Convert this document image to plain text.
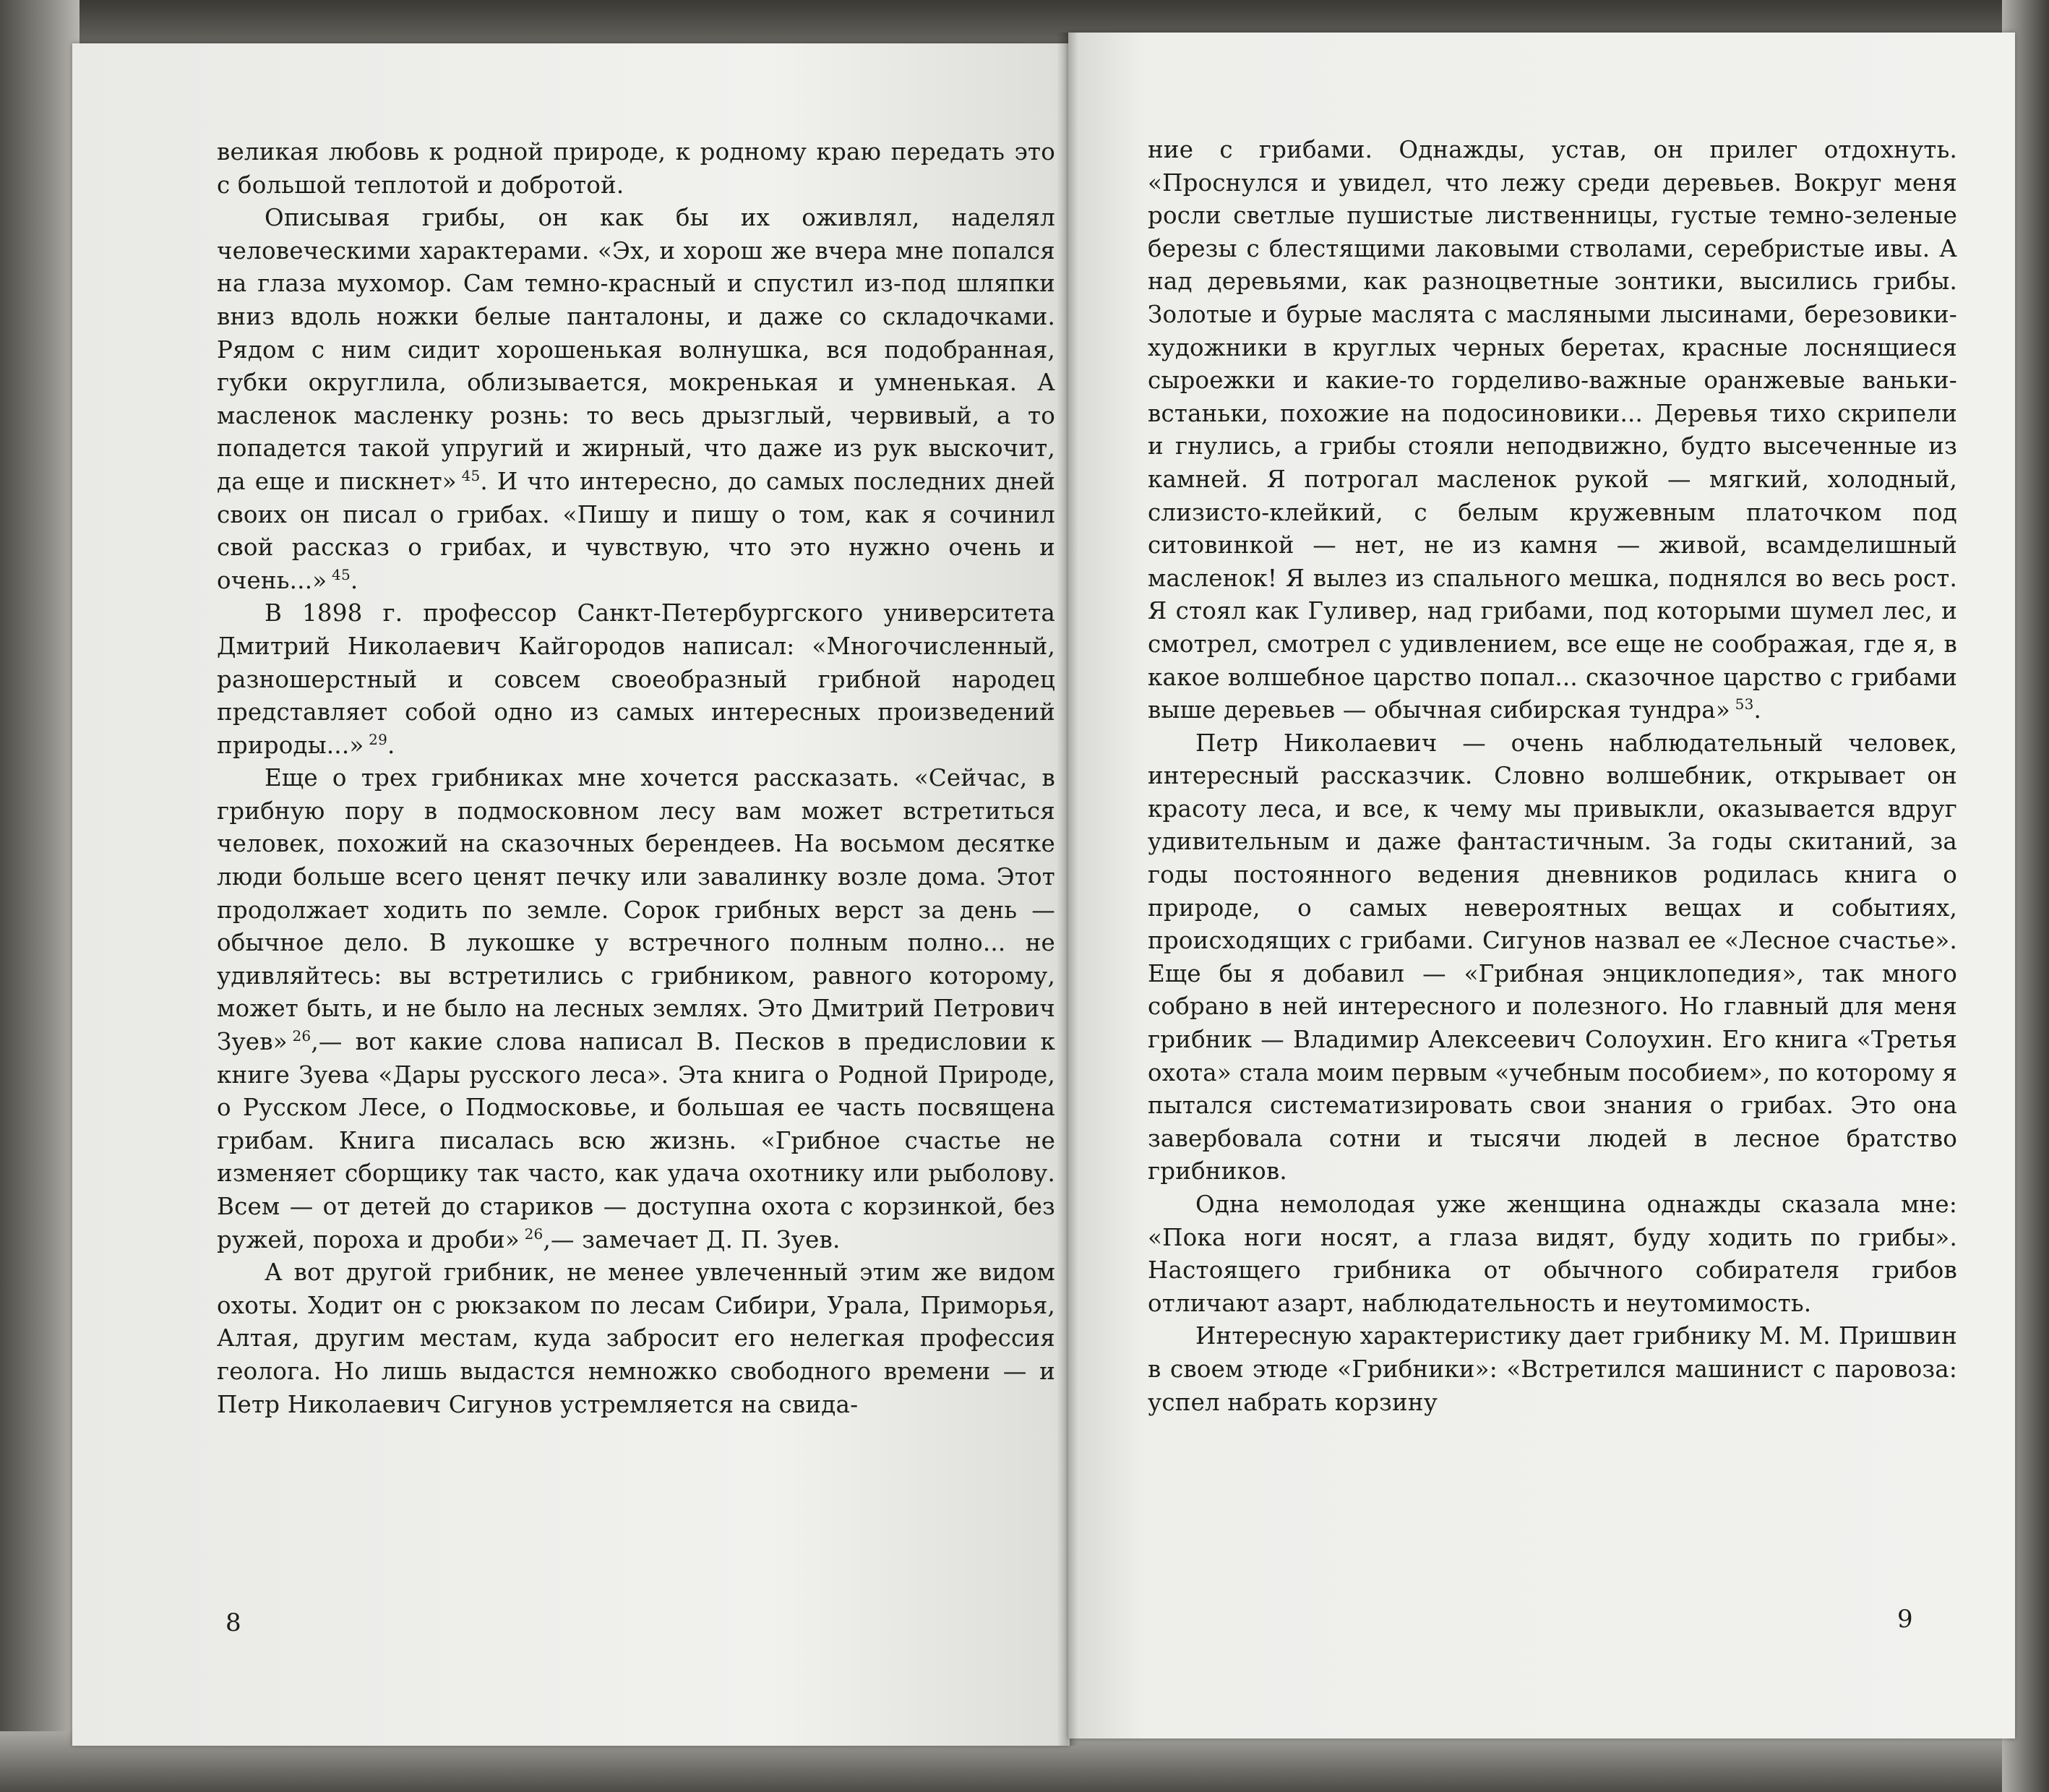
великая любовь к родной природе, к родному краю передать это с большой теплотой и добротой.

Описывая грибы, он как бы их оживлял, наделял человеческими характерами. «Эх, и хорош же вчера мне попался на глаза мухомор. Сам темно-красный и спустил из-под шляпки вниз вдоль ножки белые панталоны, и даже со складочками. Рядом с ним сидит хорошенькая волнушка, вся подобранная, губки округлила, облизывается, мокренькая и умненькая. А масленок масленку рознь: то весь дрызглый, червивый, а то попадется такой упругий и жирный, что даже из рук выскочит, да еще и пискнет»  $^{45}$. И что интересно, до самых последних дней своих он писал о грибах. «Пишу и пишу о том, как я сочинил свой рассказ о грибах, и чувствую, что это нужно очень и очень...»  $^{45}$.

В 1898 г. профессор Санкт-Петербургского университета Дмитрий Николаевич Кайгородов написал: «Многочисленный, разношерстный и совсем своеобразный грибной народец представляет собой одно из самых интересных произведений природы...»  $^{29}$.

Еще о трех грибниках мне хочется рассказать. «Сейчас, в грибную пору в подмосковном лесу вам может встретиться человек, похожий на сказочных берендеев. На восьмом десятке люди больше всего ценят печку или завалинку возле дома. Этот продолжает ходить по земле. Сорок грибных верст за день — обычное дело. В лукошке у встречного полным полно... не удивляйтесь: вы встретились с грибником, равного которому, может быть, и не было на лесных землях. Это Дмитрий Петрович Зуев»  $^{26}$,— вот какие слова написал В. Песков в предисловии к книге Зуева «Дары русского леса». Эта книга о Родной Природе, о Русском Лесе, о Подмосковье, и большая ее часть посвящена грибам. Книга писалась всю жизнь. «Грибное счастье не изменяет сборщику так часто, как удача охотнику или рыболову. Всем — от детей до стариков — доступна охота с корзинкой, без ружей, пороха и дроби»  $^{26}$,— замечает Д. П. Зуев.

А вот другой грибник, не менее увлеченный этим же видом охоты. Ходит он с рюкзаком по лесам Сибири, Урала, Приморья, Алтая, другим местам, куда забросит его нелегкая профессия геолога. Но лишь выдастся немножко свободного времени — и Петр Николаевич Сигунов устремляется на свида-

8

ние с грибами. Однажды, устав, он прилег отдохнуть. «Проснулся и увидел, что лежу среди деревьев. Вокруг меня росли светлые пушистые лиственницы, густые темно-зеленые березы с блестящими лаковыми стволами, серебристые ивы. А над деревьями, как разноцветные зонтики, высились грибы. Золотые и бурые маслята с масляными лысинами, березовики-художники в круглых черных беретах, красные лоснящиеся сыроежки и какие-то горделиво-важные оранжевые ваньки-встаньки, похожие на подосиновики... Деревья тихо скрипели и гнулись, а грибы стояли неподвижно, будто высеченные из камней. Я потрогал масленок рукой — мягкий, холодный, слизисто-клейкий, с белым кружевным платочком под ситовинкой — нет, не из камня — живой, всамделишный масленок! Я вылез из спального мешка, поднялся во весь рост. Я стоял как Гуливер, над грибами, под которыми шумел лес, и смотрел, смотрел с удивлением, все еще не соображая, где я, в какое волшебное царство попал... сказочное царство с грибами выше деревьев — обычная сибирская тундра»  $^{53}$.

Петр Николаевич — очень наблюдательный человек, интересный рассказчик. Словно волшебник, открывает он красоту леса, и все, к чему мы привыкли, оказывается вдруг удивительным и даже фантастичным. За годы скитаний, за годы постоянного ведения дневников родилась книга о природе, о самых невероятных вещах и событиях, происходящих с грибами. Сигунов назвал ее «Лесное счастье». Еще бы я добавил — «Грибная энциклопедия», так много собрано в ней интересного и полезного. Но главный для меня грибник — Владимир Алексеевич Солоухин. Его книга «Третья охота» стала моим первым «учебным пособием», по которому я пытался систематизировать свои знания о грибах. Это она завербовала сотни и тысячи людей в лесное братство грибников.

Одна немолодая уже женщина однажды сказала мне: «Пока ноги носят, а глаза видят, буду ходить по грибы». Настоящего грибника от обычного собирателя грибов отличают азарт, наблюдательность и неутомимость.

Интересную характеристику дает грибнику М. М. Пришвин в своем этюде «Грибники»: «Встретился машинист с паровоза: успел набрать корзину

9
